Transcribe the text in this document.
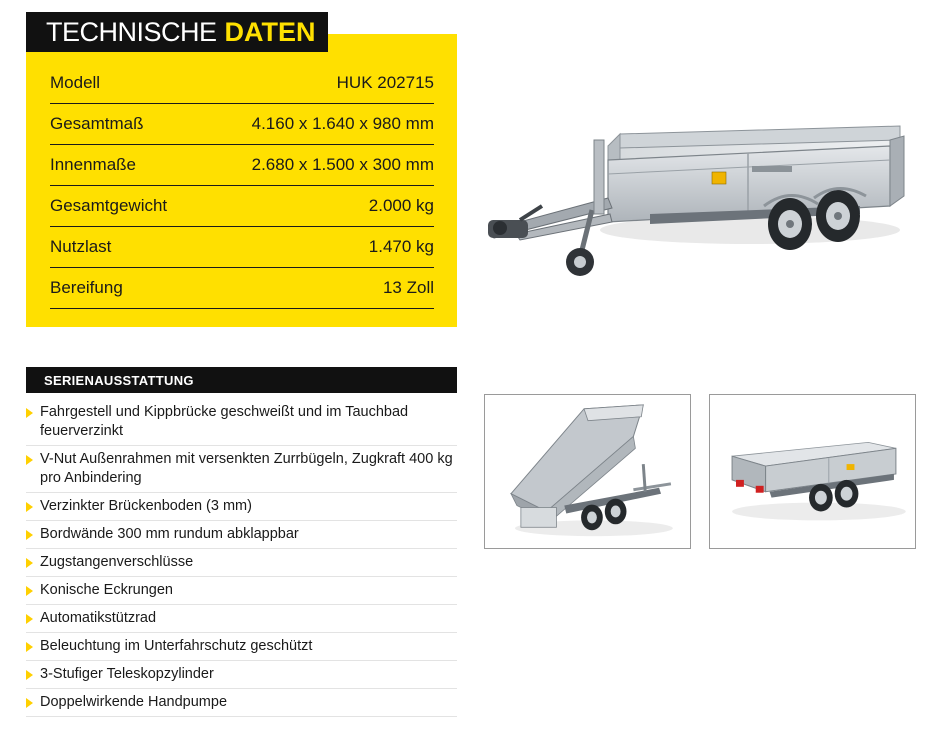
TECHNISCHE DATEN
Modell	HUK 202715
Gesamtmaß	4.160 x 1.640 x 980 mm
Innenmaße	2.680 x 1.500 x 300 mm
Gesamtgewicht	2.000 kg
Nutzlast	1.470 kg
Bereifung	13 Zoll
SERIENAUSSTATTUNG
Fahrgestell und Kippbrücke geschweißt und im Tauchbad feuerverzinkt
V-Nut Außenrahmen mit versenkten Zurrbügeln, Zugkraft 400 kg pro Anbindering
Verzinkter Brückenboden (3 mm)
Bordwände 300 mm rundum abklappbar
Zugstangenverschlüsse
Konische Eckrungen
Automatikstützrad
Beleuchtung im Unterfahrschutz geschützt
3-Stufiger Teleskopzylinder
Doppelwirkende Handpumpe
